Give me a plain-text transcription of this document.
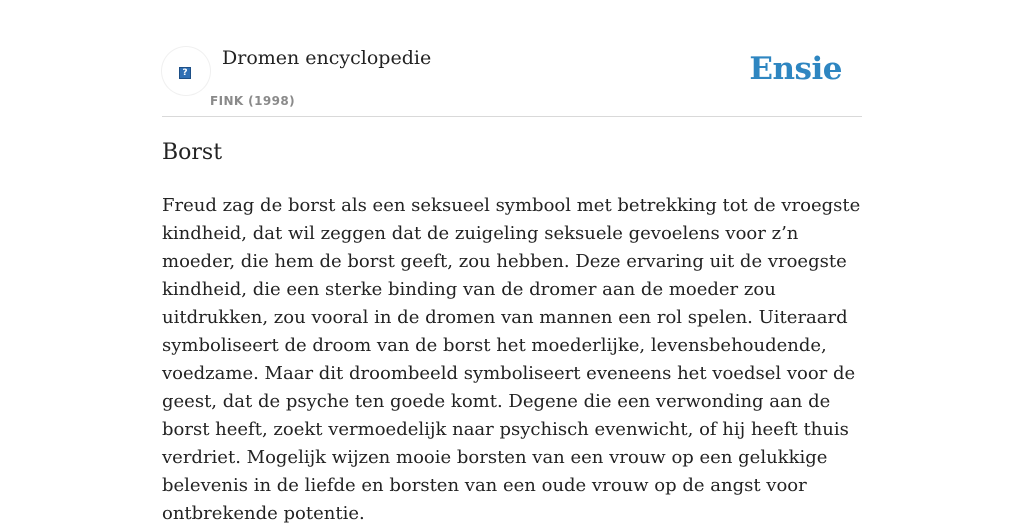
?
Dromen encyclopedie
FINK (1998)
Ensie
Borst

Freud zag de borst als een seksueel symbool met betrekking tot de vroegste kindheid, dat wil zeggen dat de zuigeling seksuele gevoelens voor z’n moeder, die hem de borst geeft, zou hebben. Deze ervaring uit de vroegste kindheid, die een sterke binding van de dromer aan de moeder zou uitdrukken, zou vooral in de dromen van mannen een rol spelen. Uiteraard symboliseert de droom van de borst het moederlijke, levensbehoudende, voedzame. Maar dit droombeeld symboliseert eveneens het voedsel voor de geest, dat de psyche ten goede komt. Degene die een verwonding aan de borst heeft, zoekt vermoedelijk naar psychisch evenwicht, of hij heeft thuis verdriet. Mogelijk wijzen mooie borsten van een vrouw op een gelukkige belevenis in de liefde en borsten van een oude vrouw op de angst voor ontbrekende potentie.
